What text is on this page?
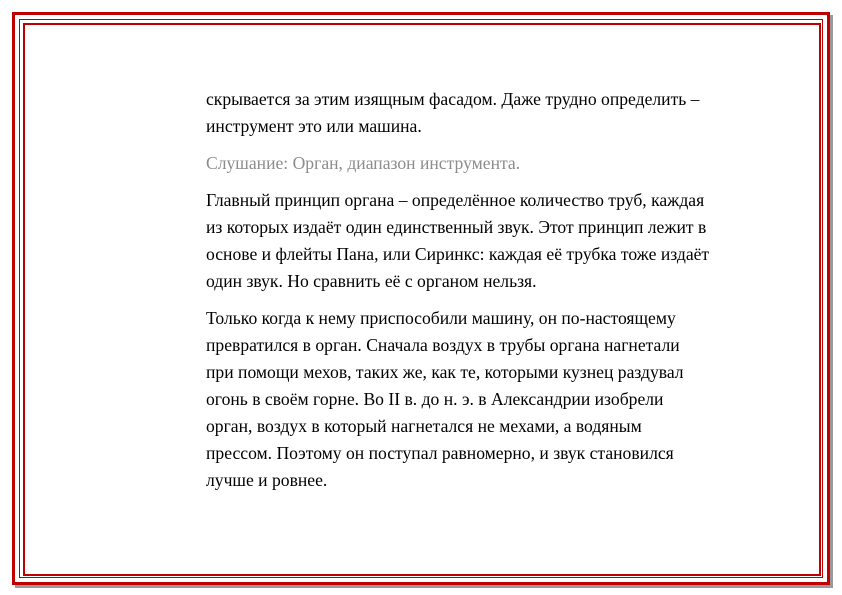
скрывается за этим изящным фасадом. Даже трудно определить – инструмент это или машина.

Слушание: Орган, диапазон инструмента.

Главный принцип органа – определённое количество труб, каждая из которых издаёт один единственный звук. Этот принцип лежит в основе и флейты Пана, или Сиринкс: каждая её трубка тоже издаёт один звук. Но сравнить её с органом нельзя.

Только когда к нему приспособили машину, он по-настоящему превратился в орган. Сначала воздух в трубы органа нагнетали при помощи мехов, таких же, как те, которыми кузнец раздувал огонь в своём горне. Во II в. до н. э. в Александрии изобрели орган, воздух в который нагнетался не мехами, а водяным прессом. Поэтому он поступал равномерно, и звук становился лучше и ровнее.
